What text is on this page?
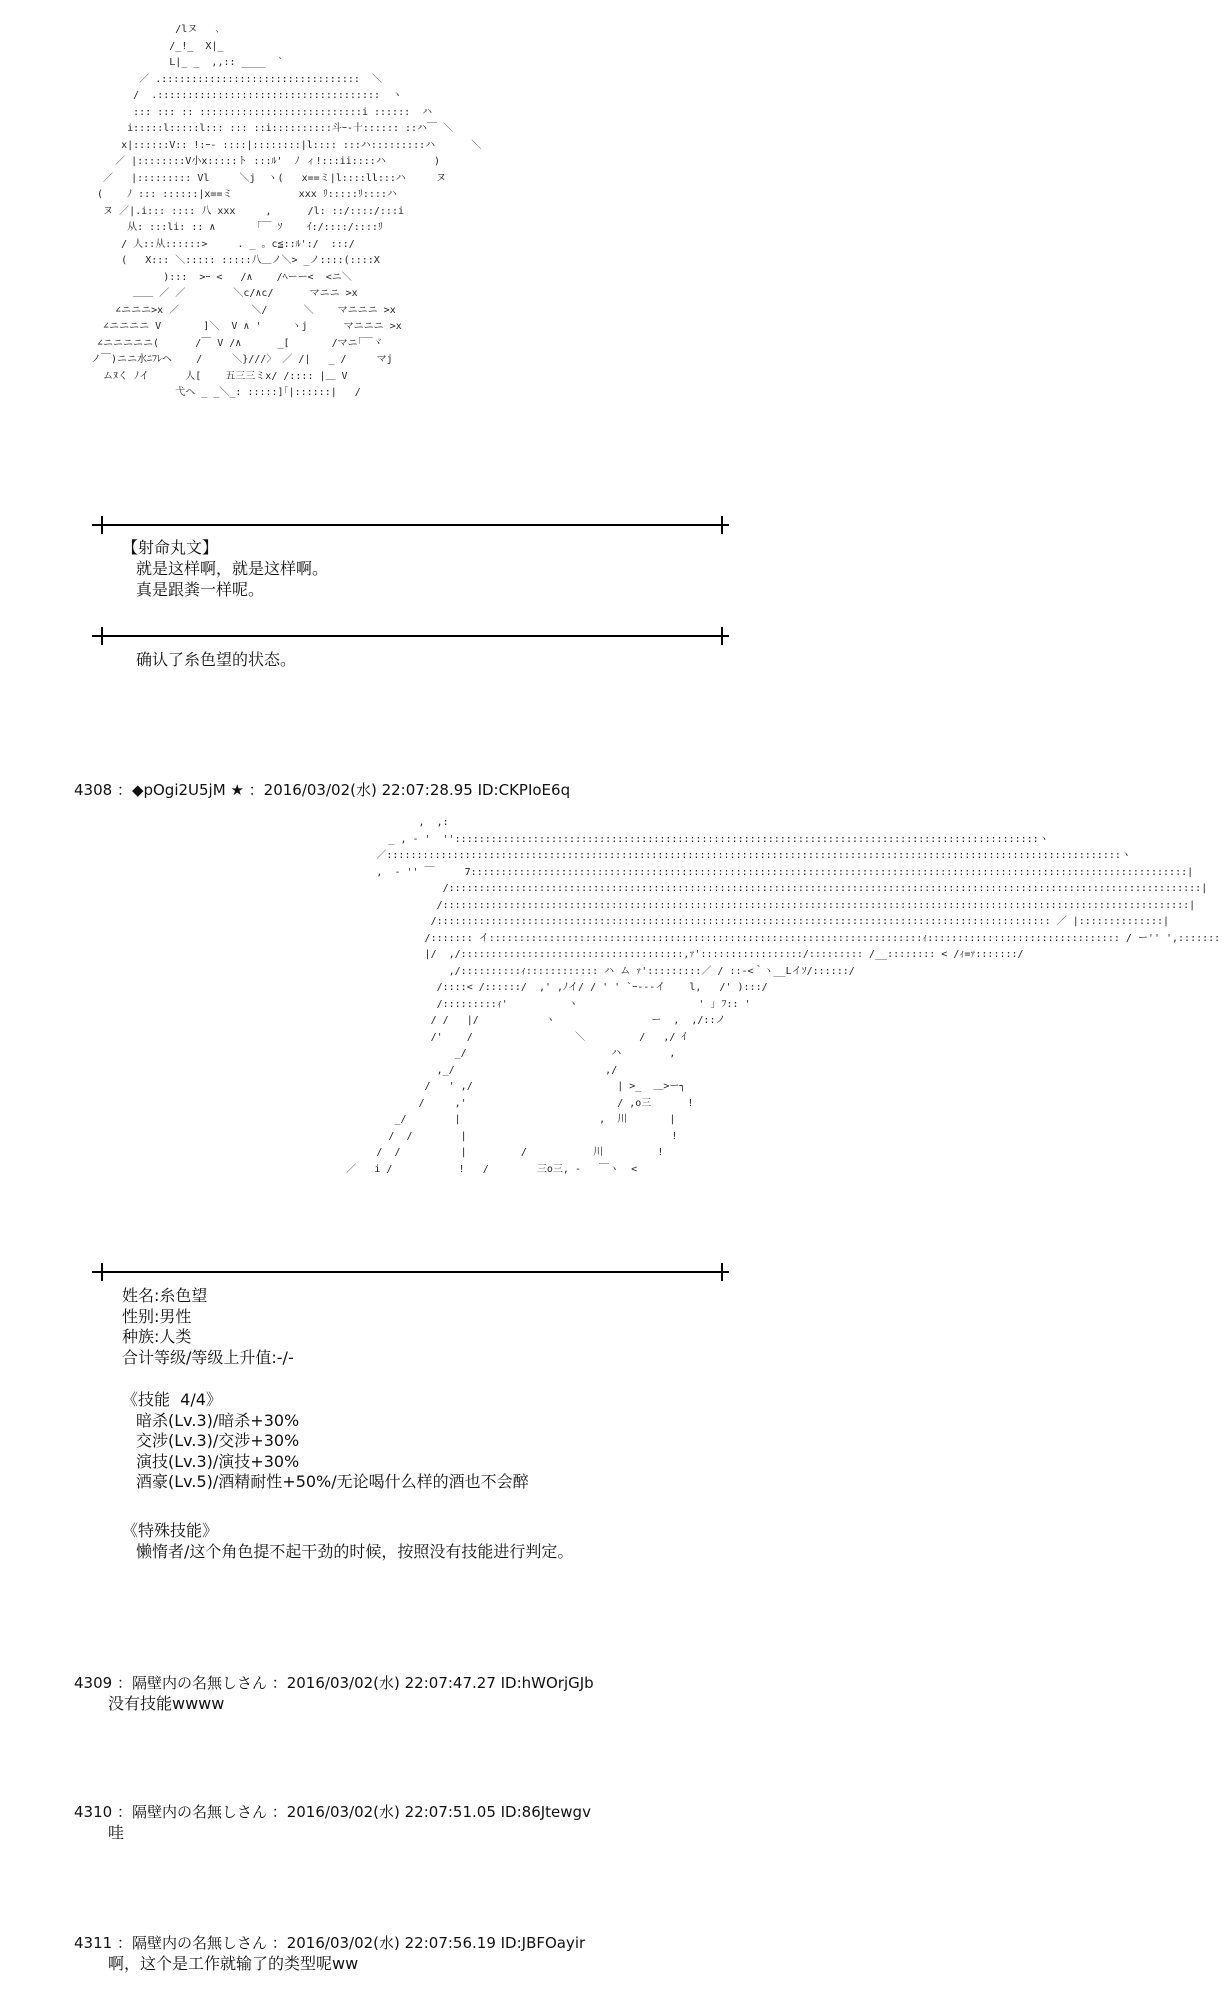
/lヌ   ､
/_!_  X|_
L|_ _  ,,:: ____  `
／ .:::::::::::::::::::::::::::::::::  ＼
/  .:::::::::::::::::::::::::::::::::::::  ヽ
::: ::: :: :::::::::::::::::::::::::::i ::::::  ハ
i:::::l:::::l::: ::: ::i::::::::::斗ｰ‐十:::::: ::ハ￣ ＼
x|::::::V:: !:ｰ‐ ::::|::::::::|l:::: :::ハ:::::::::ハ      ＼
／ |::::::::V小x:::::ト :::ﾙ'  ﾉ ィ!:::ii::::ハ        )
／   |::::::::: Vl     ＼j  ヽ(   x==ミ|l::::ll:::ハ     ヌ
(    ﾉ ::: ::::::|x==ミ           xxx ﾘ:::::ﾘ::::ハ
ヌ ／|.i::: :::: 八 xxx     ,      /l: ::/::::/:::i
从: :::li: :: ∧      「￣ ｿ    ｲ:/::::/::::ﾘ
/ 人::从::::::>     . _ 。c≦::ﾙ':/  :::/
(   X::: ＼::::: :::::八＿ノ＼> _ノ::::(::::X
):::  >ｰ <   /∧    /ﾍーー<  <ニ＼
＿＿ ／ ／        ＼c/∧c/      マニニ >x
∠ニニニ>x ／            ＼/      ＼    マニニニ >x
∠ニニニニ V       ]＼  V ∧ '     ヽj      マニニニ >x
∠ニニニニニ(      /￣ V /∧      _[       /マニ｢￣ヾ
ノ￣)ニニ水ﾆﾌﾚヘ    /     ＼}///〉 ／ /|   _ /     マj
ムﾇく ﾉイ      人[    五三三ミx/ /:::: |＿ V
弋ヘ _ _＼_: :::::]｢|::::::|   /
【射命丸文】
就是这样啊，就是这样啊。
真是跟粪一样呢。
确认了糸色望的状态。
4308 ：◆pOgi2U5jM ★ ：2016/03/02(水) 22:07:28.95 ID:CKPIoE6q
,  ,:
_ , - '  '':::::::::::::::::::::::::::::::::::::::::::::::::::::::::::::::::::::::::::::::::::::::::::::::::ヽ
／::::::::::::::::::::::::::::::::::::::::::::::::::::::::::::::::::::::::::::::::::::::::::::::::::::::::::::::::::::::::::ヽ
,  ‐ '' ￣     7:::::::::::::::::::::::::::::::::::::::::::::::::::::::::::::::::::::::::::::::::::::::::::::::::::::::::::::::::::::::|
/:::::::::::::::::::::::::::::::::::::::::::::::::::::::::::::::::::::::::::::::::::::::::::::::::::::::::::::::::::::::::::::|
/::::::::::::::::::::::::::::::::::::::::::::::::::::::::::::::::::::::::::::::::::::::::::::::::::::::::::::::::::::::::::::|
/:::::::::::::::::::::::::::::::::::::::::::::::::::::::::::::::::::::::::::::::::::::::::::::::::::::: ／ |::::::::::::::|
/::::::: イ::::::::::::::::::::::::::::::::::::::::::::::::::::::::::::::::::::::::ｨ:::::::::::::::::::::::::::::::: / ー'' ',:::::::
|/  ,/:::::::::::::::::::::::::::::::::::::,ｧ':::::::::::::::::/::::::::: /__:::::::: < /ｨ=ｧ:::::::/
,/::::::::::ｨ:::::::::::: ハ ム ｧ':::::::::／ / ::-<｀ヽ__Lイｿ/::::::/
/::::< /::::::/  ,' ,ﾉイ/ / ' ' `ｰ---イ    l,   /' ):::/
/:::::::::ｨ'          ヽ                    ' ｣ ﾌ:: '
/ /   |/           ヽ                ー  ,  ,/::ノ
/'    /                 ＼         /   ,/ ｲ
_/                        ハ        ,
,_/                         ,/
/   ' ,/                        | >_  ＿>ー┐
/     ,'                         / ,o三      !
_/        |                       ,  川       |
/  /        |                                  !
/  /          |         /           川         !
／   i /           !   /        三o三, -   ￣ヽ  <
姓名:糸色望
性别:男性
种族:人类
合计等级/等级上升值:-/-
《技能  4/4》
暗杀(Lv.3)/暗杀+30%
交涉(Lv.3)/交涉+30%
演技(Lv.3)/演技+30%
酒豪(Lv.5)/酒精耐性+50%/无论喝什么样的酒也不会醉
《特殊技能》
懒惰者/这个角色提不起干劲的时候，按照没有技能进行判定。
4309 ：隔壁内の名無しさん ：2016/03/02(水) 22:07:47.27 ID:hWOrjGJb
没有技能wwww
4310 ：隔壁内の名無しさん ：2016/03/02(水) 22:07:51.05 ID:86Jtewgv
哇
4311 ：隔壁内の名無しさん ：2016/03/02(水) 22:07:56.19 ID:JBFOayir
啊，这个是工作就输了的类型呢ww
